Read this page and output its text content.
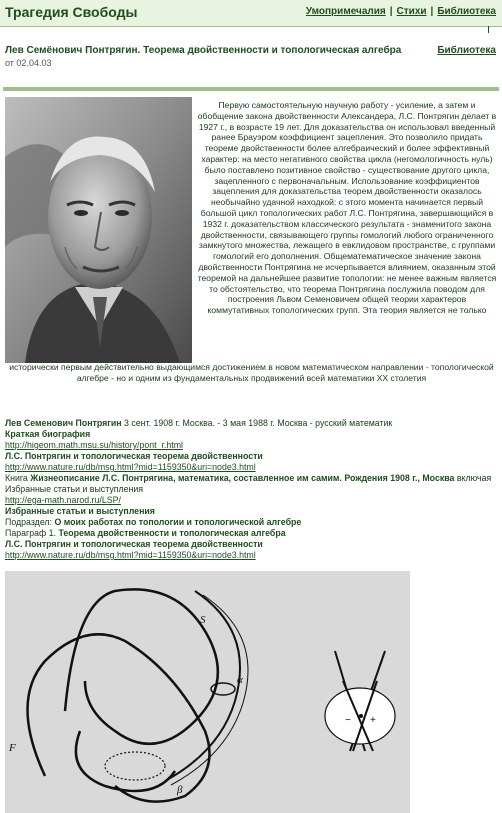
Трагедия Свободы	Умопримечалия | Стихи | Библиотека
Лев Семёнович Понтрягин. Теорема двойственности и топологическая алгебра
от 02.04.03
Библиотека
Первую самостоятельную научную работу - усиление, а затем и обобщение закона двойственности Александера, Л.С. Понтрягин делает в 1927 г., в возрасте 19 лет. Для доказательства он использовал введенный ранее Брауэром коэффициент зацепления. Это позволило придать теореме двойственности более алгебраический и более эффективный характер: на место негативного свойства цикла (негомологичность нуль) было поставлено позитивное свойство - существование другого цикла, зацепленного с первоначальным. Использование коэффициентов зацепления для доказательства теорем двойственности оказалось необычайно удачной находкой: с этого момента начинается первый большой цикл топологических работ Л.С. Понтрягина, завершающийся в 1932 г. доказательством классического результата - знаменитого закона двойственности, связывающего группы гомологий любого ограниченного замкнутого множества, лежащего в евклидовом пространстве, с группами гомологий его дополнения. Общематематическое значение закона двойственности Понтрягина не исчерпывается влиянием, оказанным этой теоремой на дальнейшее развитие топологии: не менее важным является то обстоятельство, что теорема Понтрягина послужила поводом для построения Львом Семеновичем общей теории характеров коммутативных топологических групп. Эта теория является не только
исторически первым действительно выдающимся достижением в новом математическом направлении - топологической алгебре - но и одним из фундаментальных продвижений всей математики XX столетия
Лев Семенович Понтрягин 3 сент. 1908 г. Москва. - 3 мая 1988 г. Москва - русский математик
Краткая биография
http://higeom.math.msu.su/history/pont_r.html
Л.С. Понтрягин и топологическая теорема двойственности
http://www.nature.ru/db/msg.html?mid=1159350&uri=node3.html
Книга Жизнеописание Л.С. Понтрягина, математика, составленное им самим. Рождения 1908 г., Москва включая Избранные статьи и выступления
http://ega-math.narod.ru/LSP/
Избранные статьи и выступления
Подраздел: О моих работах по топологии и топологической алгебре
Параграф 1. Теорема двойственности и топологическая алгебра
Л.С. Понтрягин и топологическая теорема двойственности
http://www.nature.ru/db/msg.html?mid=1159350&uri=node3.html
S
α
F
β
− +
